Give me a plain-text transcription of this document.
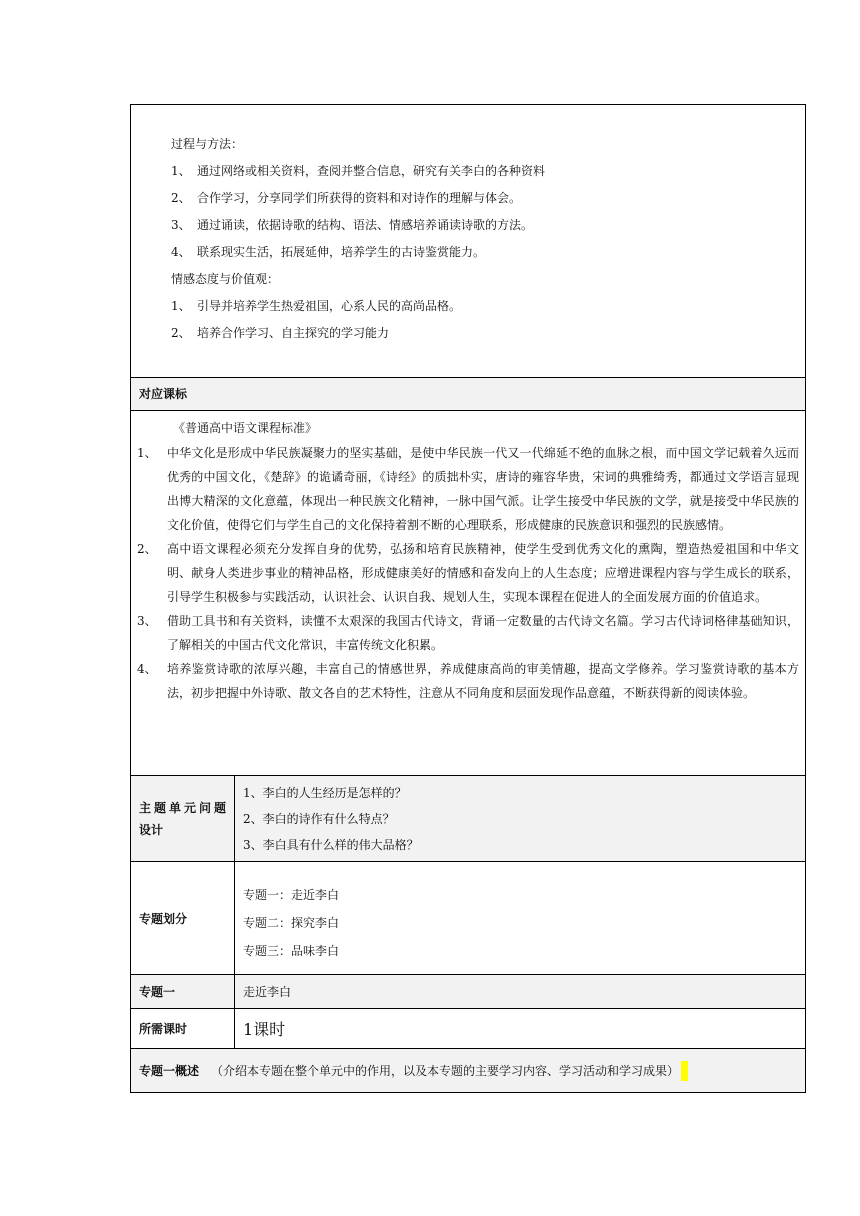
过程与方法：
1、 通过网络或相关资料，查阅并整合信息，研究有关李白的各种资料
2、 合作学习，分享同学们所获得的资料和对诗作的理解与体会。
3、 通过诵读，依据诗歌的结构、语法、情感培养诵读诗歌的方法。
4、 联系现实生活，拓展延伸，培养学生的古诗鉴赏能力。
情感态度与价值观：
1、 引导并培养学生热爱祖国，心系人民的高尚品格。
2、 培养合作学习、自主探究的学习能力
对应课标
《普通高中语文课程标准》
1、 中华文化是形成中华民族凝聚力的坚实基础，是使中华民族一代又一代绵延不绝的血脉之根，而中国文学记载着久远而优秀的中国文化，《楚辞》的诡谲奇丽，《诗经》的质拙朴实，唐诗的雍容华贵，宋词的典雅绮秀，都通过文学语言显现出博大精深的文化意蕴，体现出一种民族文化精神，一脉中国气派。让学生接受中华民族的文学，就是接受中华民族的文化价值，使得它们与学生自己的文化保持着割不断的心理联系，形成健康的民族意识和强烈的民族感情。
2、 高中语文课程必须充分发挥自身的优势，弘扬和培育民族精神，使学生受到优秀文化的熏陶，塑造热爱祖国和中华文明、献身人类进步事业的精神品格，形成健康美好的情感和奋发向上的人生态度；应增进课程内容与学生成长的联系，引导学生积极参与实践活动，认识社会、认识自我、规划人生，实现本课程在促进人的全面发展方面的价值追求。
3、 借助工具书和有关资料，读懂不太艰深的我国古代诗文，背诵一定数量的古代诗文名篇。学习古代诗词格律基础知识，了解相关的中国古代文化常识，丰富传统文化积累。
4、 培养鉴赏诗歌的浓厚兴趣，丰富自己的情感世界，养成健康高尚的审美情趣，提高文学修养。学习鉴赏诗歌的基本方法，初步把握中外诗歌、散文各自的艺术特性，注意从不同角度和层面发现作品意蕴，不断获得新的阅读体验。
主题单元问题
设计
1、李白的人生经历是怎样的？
2、李白的诗作有什么特点？
3、李白具有什么样的伟大品格？
专题划分
专题一：走近李白
专题二：探究李白
专题三：品味李白
专题一	走近李白
所需课时	1课时
专题一概述 （介绍本专题在整个单元中的作用，以及本专题的主要学习内容、学习活动和学习成果）
